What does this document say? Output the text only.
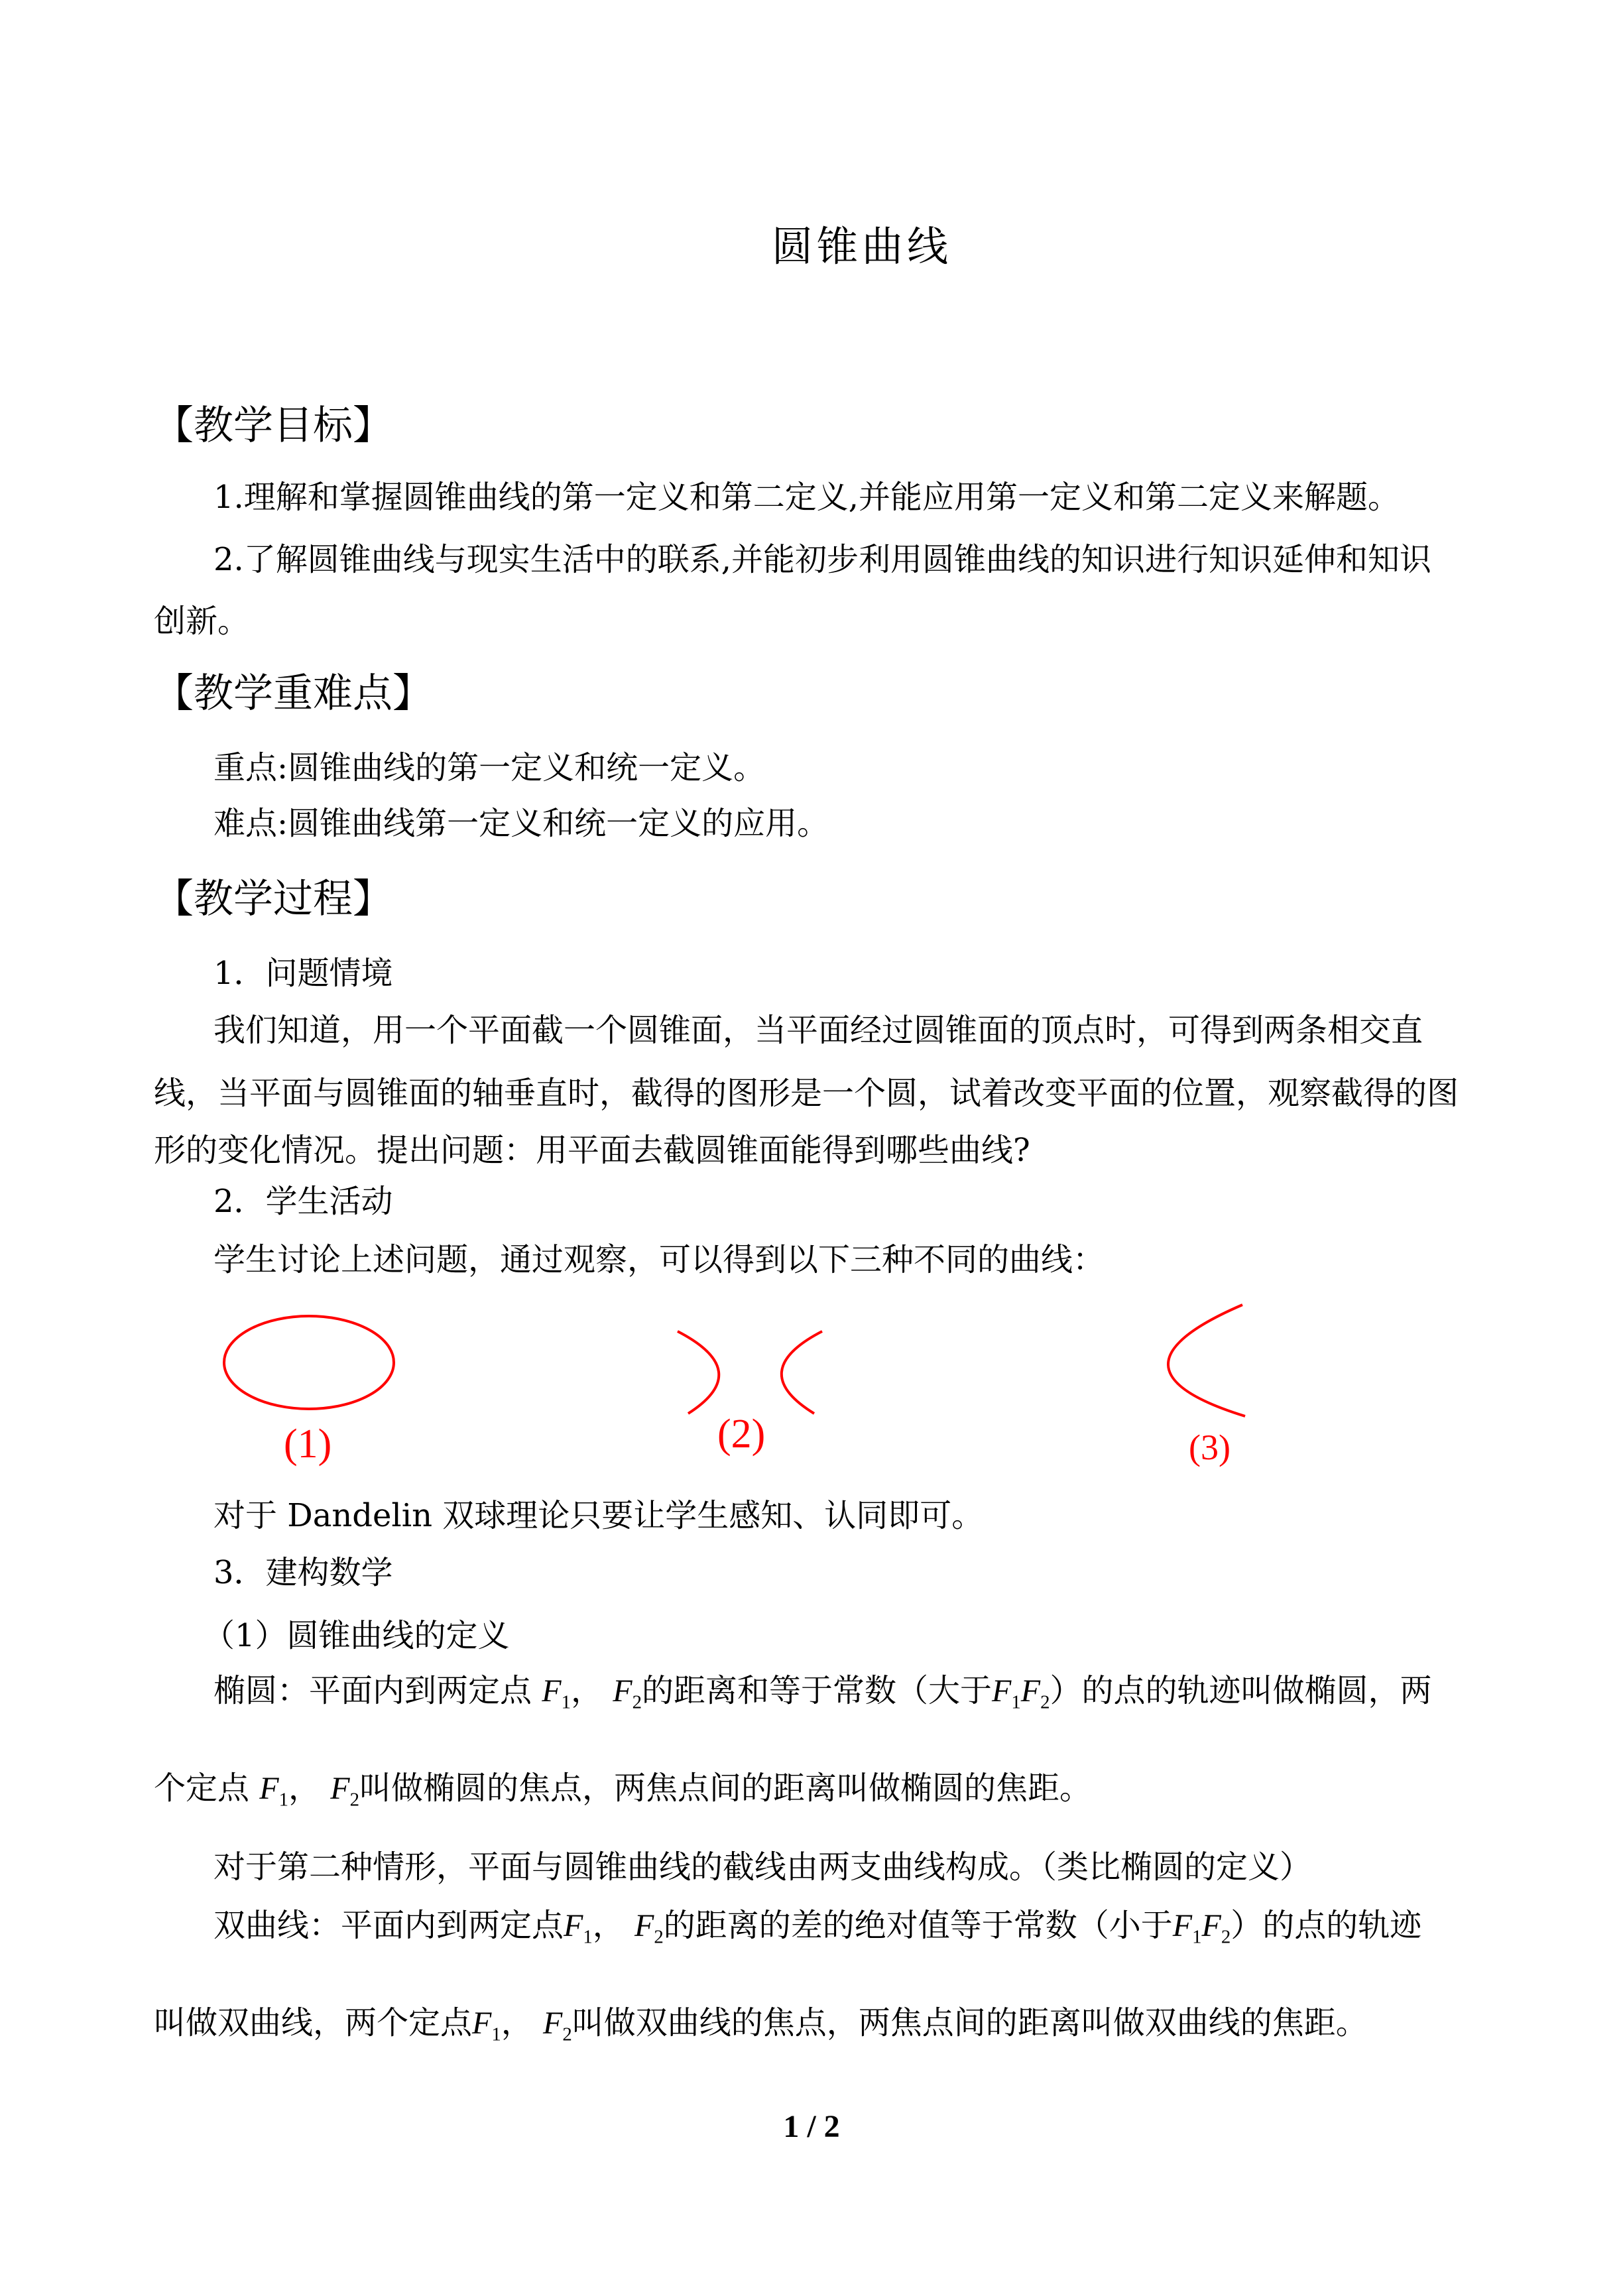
圆锥曲线
【教学目标】
1.理解和掌握圆锥曲线的第一定义和第二定义,并能应用第一定义和第二定义来解题。
2.了解圆锥曲线与现实生活中的联系,并能初步利用圆锥曲线的知识进行知识延伸和知识
创新。
【教学重难点】
重点:圆锥曲线的第一定义和统一定义。
难点:圆锥曲线第一定义和统一定义的应用。
【教学过程】
1．问题情境
我们知道，用一个平面截一个圆锥面，当平面经过圆锥面的顶点时，可得到两条相交直
线，当平面与圆锥面的轴垂直时，截得的图形是一个圆，试着改变平面的位置，观察截得的图
形的变化情况。提出问题：用平面去截圆锥面能得到哪些曲线?
2．学生活动
学生讨论上述问题，通过观察，可以得到以下三种不同的曲线：
(1)	(2)	(3)
对于 Dandelin 双球理论只要让学生感知、认同即可。
3．建构数学
（1）圆锥曲线的定义
椭圆：平面内到两定点 $F_1$， $F_2$的距离和等于常数（大于$F_1F_2$）的点的轨迹叫做椭圆，两
个定点 $F_1$， $F_2$叫做椭圆的焦点，两焦点间的距离叫做椭圆的焦距。
对于第二种情形，平面与圆锥曲线的截线由两支曲线构成。（类比椭圆的定义）
双曲线：平面内到两定点$F_1$， $F_2$的距离的差的绝对值等于常数（小于$F_1F_2$）的点的轨迹
叫做双曲线，两个定点$F_1$， $F_2$叫做双曲线的焦点，两焦点间的距离叫做双曲线的焦距。
1 / 2
